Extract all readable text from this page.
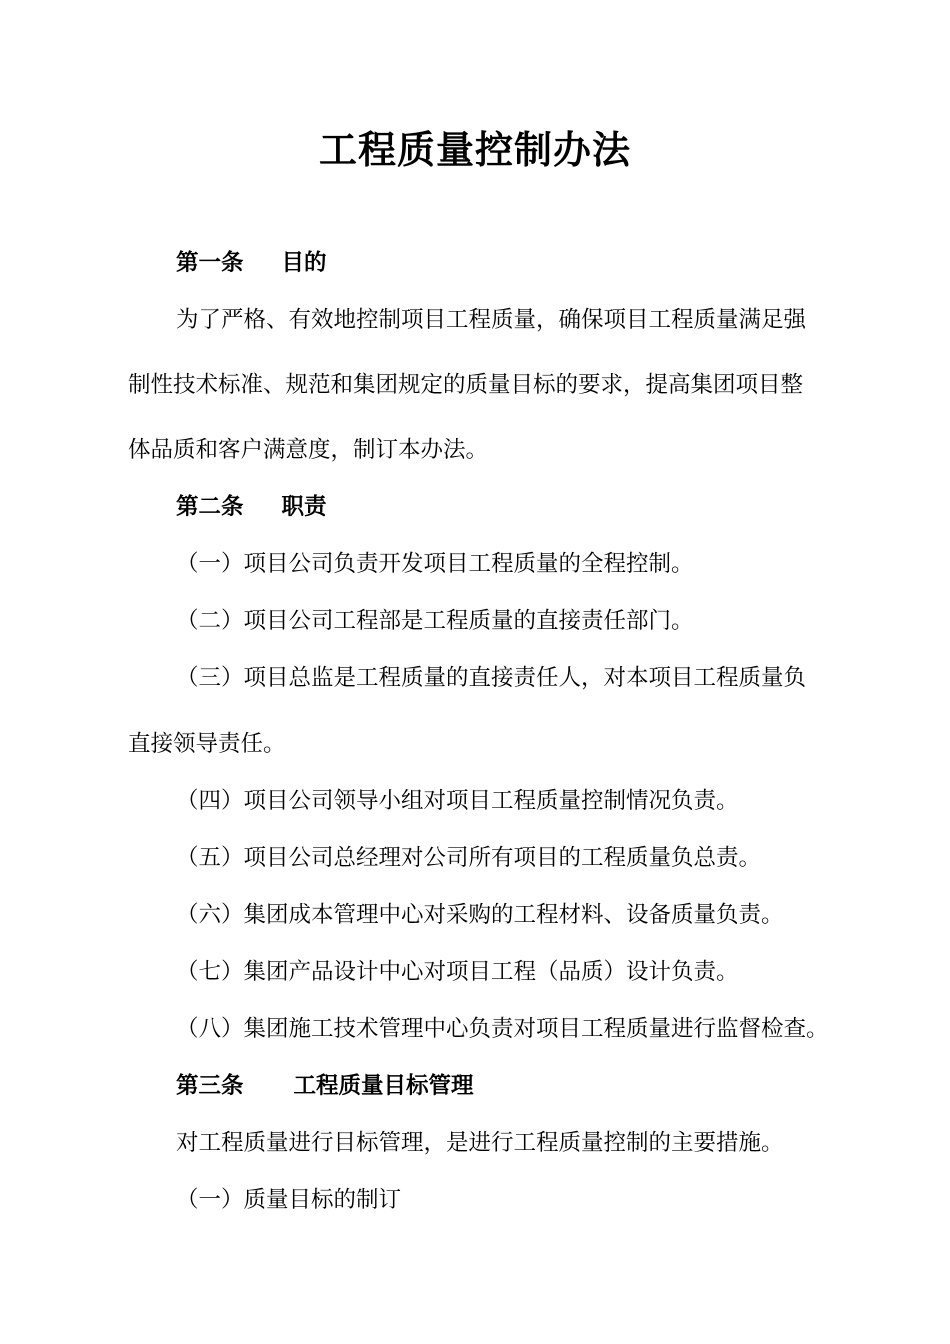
工程质量控制办法
第一条 目的
为了严格、有效地控制项目工程质量，确保项目工程质量满足强
制性技术标准、规范和集团规定的质量目标的要求，提高集团项目整
体品质和客户满意度，制订本办法。
第二条 职责
（一）项目公司负责开发项目工程质量的全程控制。
（二）项目公司工程部是工程质量的直接责任部门。
（三）项目总监是工程质量的直接责任人，对本项目工程质量负
直接领导责任。
（四）项目公司领导小组对项目工程质量控制情况负责。
（五）项目公司总经理对公司所有项目的工程质量负总责。
（六）集团成本管理中心对采购的工程材料、设备质量负责。
（七）集团产品设计中心对项目工程（品质）设计负责。
（八）集团施工技术管理中心负责对项目工程质量进行监督检查。
第三条 工程质量目标管理
对工程质量进行目标管理，是进行工程质量控制的主要措施。
（一）质量目标的制订
